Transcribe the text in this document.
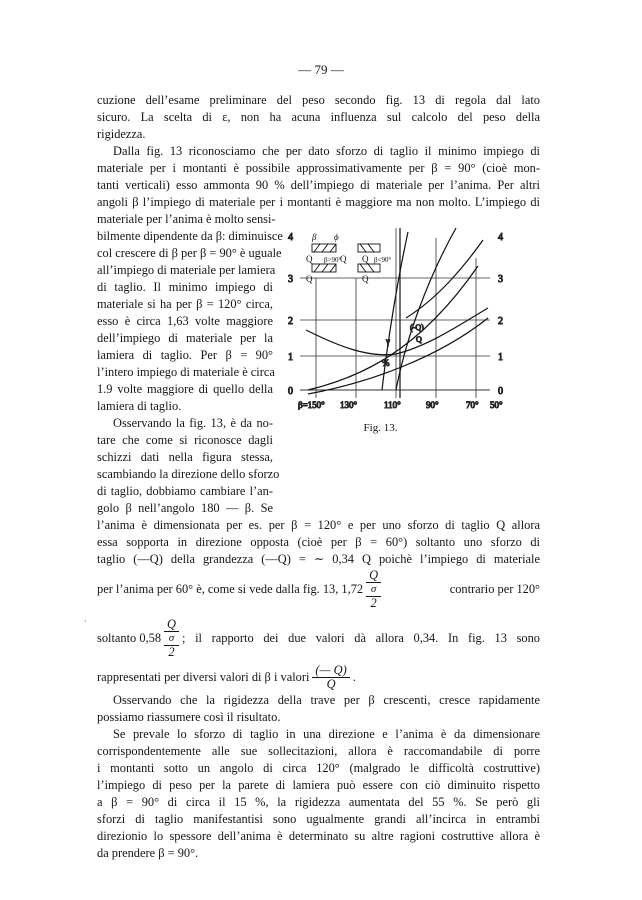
— 79 —
cuzione dell’esame preliminare del peso secondo fig. 13 di regola dal lato
sicuro. La scelta di ε, non ha acuna influenza sul calcolo del peso della
rigidezza.
Dalla fig. 13 riconosciamo che per dato sforzo di taglio il minimo impiego di
materiale per i montanti è possibile approssimativamente per β = 90° (cioè mon-
tanti verticali) esso ammonta 90 % dell’impiego di materiale per l’anima. Per altri
angoli β l’impiego di materiale per i montanti è maggiore ma non molto. L’impiego di
materiale per l’anima è molto sensi-
bilmente dipendente da β: diminuisce
col crescere di β per β = 90° è uguale
all’impiego di materiale per lamiera
di taglio. Il minimo impiego di
materiale si ha per β = 120° circa,
esso è circa 1,63 volte maggiore
dell’impiego di materiale per la
lamiera di taglio. Per β = 90°
l’intero impiego di materiale è circa
1.9 volte maggiore di quello della
lamiera di taglio.
Osservando la fig. 13, è da no-
tare che come si riconosce dagli
schizzi dati nella figura stessa,
scambiando la direzione dello sforzo
di taglio, dobbiamo cambiare l’an-
golo β nell’angolo 180 — β. Se
l’anima è dimensionata per es. per β = 120° e per uno sforzo di taglio Q allora
essa sopporta in direzione opposta (cioè per β = 60°) soltanto uno sforzo di
taglio (—Q) della grandezza (—Q) = ∼ 0,34 Q poichè l’impiego di materiale
per l’anima per 60° è, come si vede dalla fig. 13, 1,72
Q
σ
2
contrario per 120°
soltanto 0,58
Q
σ
2
; il rapporto dei due valori dà allora 0,34. In fig. 13 sono
rappresentati per diversi valori di β i valori $\frac{(— Q)}{Q}$ .
·
Osservando che la rigidezza della trave per β crescenti, cresce rapidamente
possiamo riassumere così il risultato.
Se prevale lo sforzo di taglio in una direzione e l’anima è da dimensionare
corrispondentemente alle sue sollecitazioni, allora è raccomandabile di porre
i montanti sotto un angolo di circa 120° (malgrado le difficoltà costruttive)
l’impiego di peso per la parete di lamiera può essere con ciò diminuito rispetto
a β = 90° di circa il 15 %, la rigidezza aumentata del 55 %. Se però gli
sforzi di taglio manifestantisi sono ugualmente grandi all’incirca in entrambi
direzionio lo spessore dell’anima è determinato su altre ragioni costruttive allora è
da prendere β = 90°.
β ϕ
Q	Q
β>90° Q β<90°
Q	Q
0
1
2
3
4
0
1
2
3
4
β=150° 130°	110°	90°	70° 50°
%
(-Q)
Q
γ
Fig. 13.
